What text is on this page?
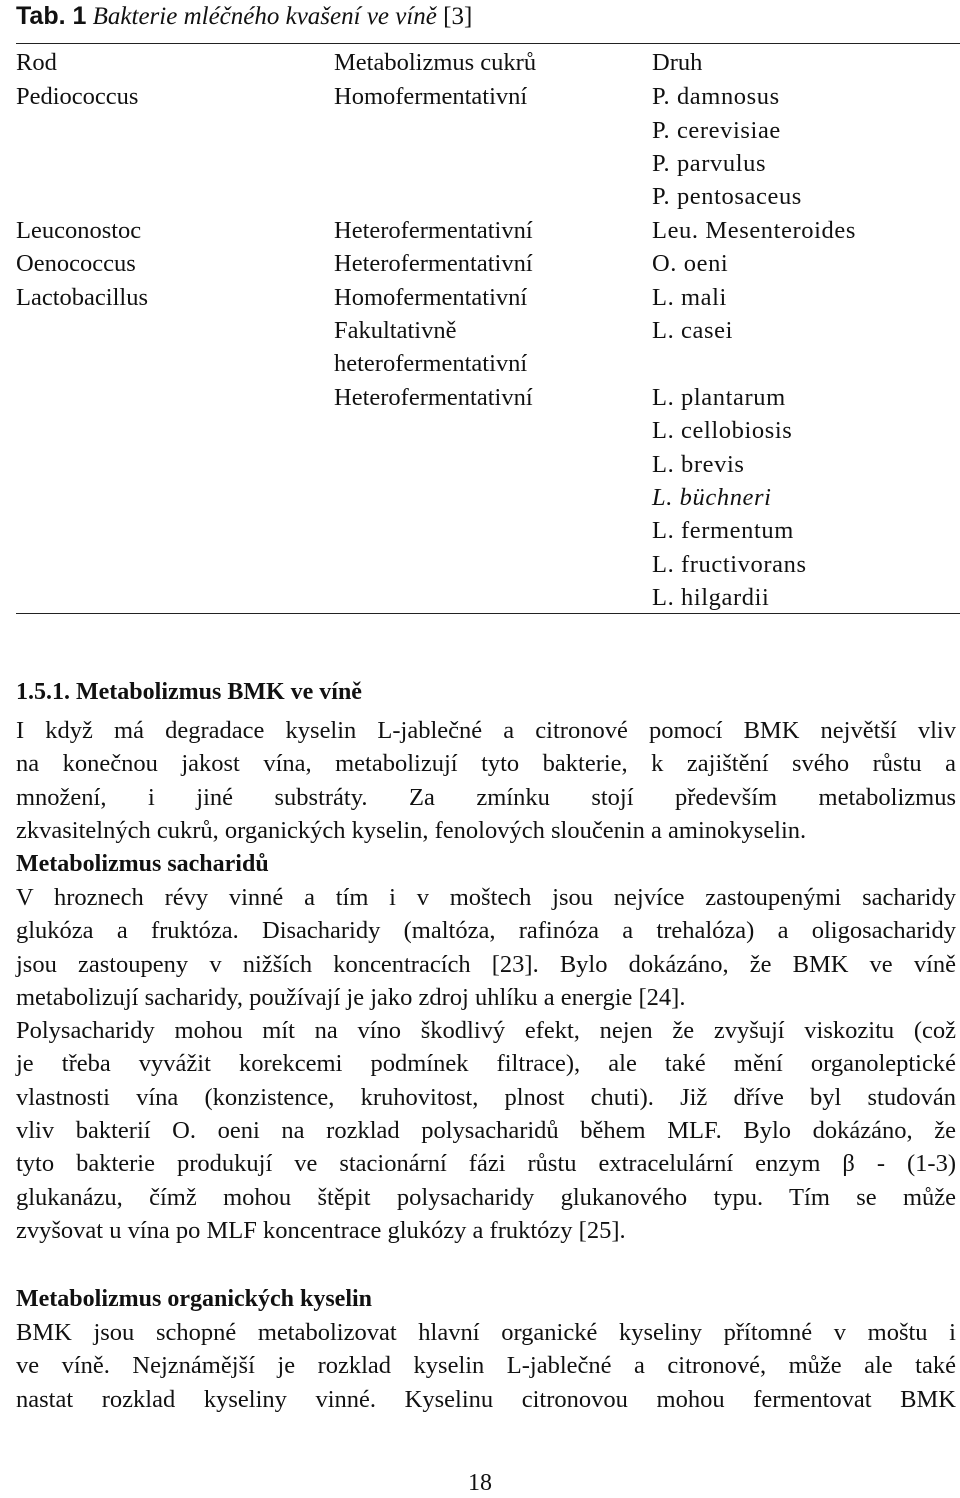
Tab. 1 Bakterie mléčného kvašení ve víně [3]
Rod	Metabolizmus cukrů	Druh
Pediococcus
Leuconostoc
Oenococcus
Lactobacillus
Homofermentativní
Heterofermentativní
Heterofermentativní
Homofermentativní
Fakultativně
heterofermentativní
Heterofermentativní
P. damnosus
P. cerevisiae
P. parvulus
P. pentosaceus
Leu. Mesenteroides
O. oeni
L. mali
L. casei
L. plantarum
L. cellobiosis
L. brevis
L. büchneri
L. fermentum
L. fructivorans
L. hilgardii
1.5.1. Metabolizmus BMK ve víně
I když má degradace kyselin L-jablečné a citronové pomocí BMK největší vliv
na konečnou jakost vína, metabolizují tyto bakterie, k zajištění svého růstu a
množení, i jiné substráty. Za zmínku stojí především metabolizmus
zkvasitelných cukrů, organických kyselin, fenolových sloučenin a aminokyselin.
Metabolizmus sacharidů
V hroznech révy vinné a tím i v moštech jsou nejvíce zastoupenými sacharidy
glukóza a fruktóza. Disacharidy (maltóza, rafinóza a trehalóza) a oligosacharidy
jsou zastoupeny v nižších koncentracích [23]. Bylo dokázáno, že BMK ve víně
metabolizují sacharidy, používají je jako zdroj uhlíku a energie [24].
Polysacharidy mohou mít na víno škodlivý efekt, nejen že zvyšují viskozitu (což
je třeba vyvážit korekcemi podmínek filtrace), ale také mění organoleptické
vlastnosti vína (konzistence, kruhovitost, plnost chuti). Již dříve byl studován
vliv bakterií O. oeni na rozklad polysacharidů během MLF. Bylo dokázáno, že
tyto bakterie produkují ve stacionární fázi růstu extracelulární enzym β - (1-3)
glukanázu, čímž mohou štěpit polysacharidy glukanového typu. Tím se může
zvyšovat u vína po MLF koncentrace glukózy a fruktózy [25].
Metabolizmus organických kyselin
BMK jsou schopné metabolizovat hlavní organické kyseliny přítomné v moštu i
ve víně. Nejznámější je rozklad kyselin L-jablečné a citronové, může ale také
nastat rozklad kyseliny vinné. Kyselinu citronovou mohou fermentovat BMK
18
